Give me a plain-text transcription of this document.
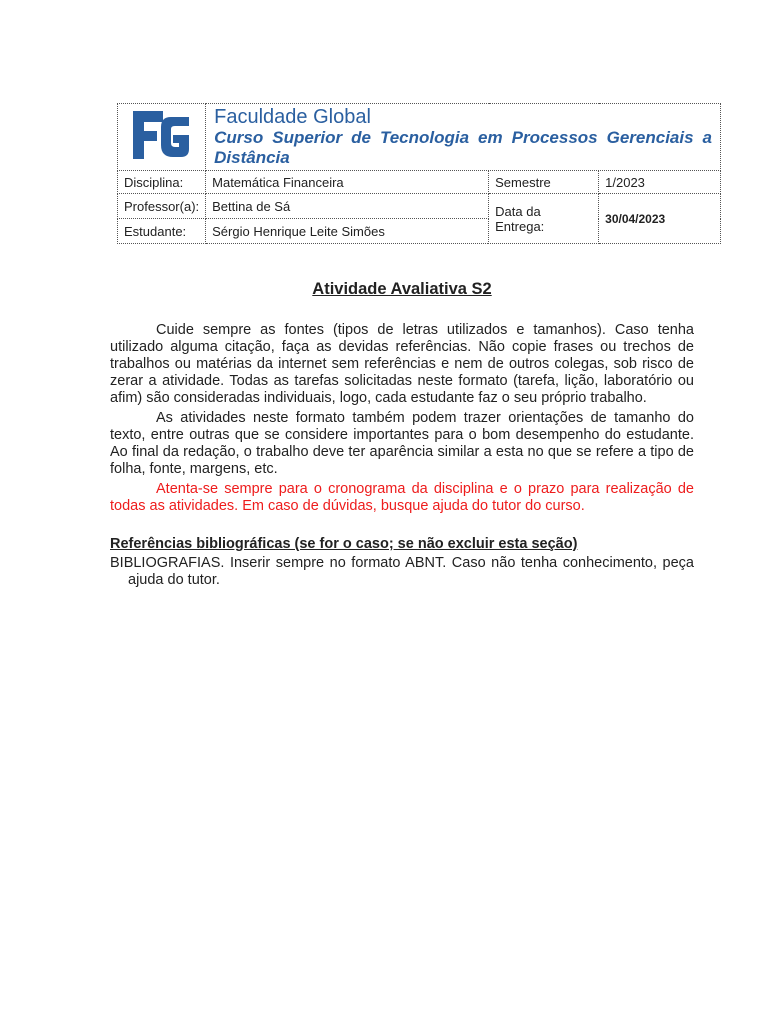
Faculdade Global
Curso Superior de Tecnologia em Processos Gerenciais a Distância		

Disciplina:	Matemática Financeira	Semestre	1/2023
Professor(a):	Bettina de Sá	Data da Entrega:	30/04/2023
Estudante:	Sérgio Henrique Leite Simões		
Atividade Avaliativa S2

Cuide sempre as fontes (tipos de letras utilizados e tamanhos). Caso tenha utilizado alguma citação, faça as devidas referências. Não copie frases ou trechos de trabalhos ou matérias da internet sem referências e nem de outros colegas, sob risco de zerar a atividade. Todas as tarefas solicitadas neste formato (tarefa, lição, laboratório ou afim) são consideradas individuais, logo, cada estudante faz o seu próprio trabalho.

As atividades neste formato também podem trazer orientações de tamanho do texto, entre outras que se considere importantes para o bom desempenho do estudante. Ao final da redação, o trabalho deve ter aparência similar a esta no que se refere a tipo de folha, fonte, margens, etc.

Atenta-se sempre para o cronograma da disciplina e o prazo para realização de todas as atividades. Em caso de dúvidas, busque ajuda do tutor do curso.

Referências bibliográficas (se for o caso; se não excluir esta seção)

BIBLIOGRAFIAS. Inserir sempre no formato ABNT. Caso não tenha conhecimento, peça ajuda do tutor.
